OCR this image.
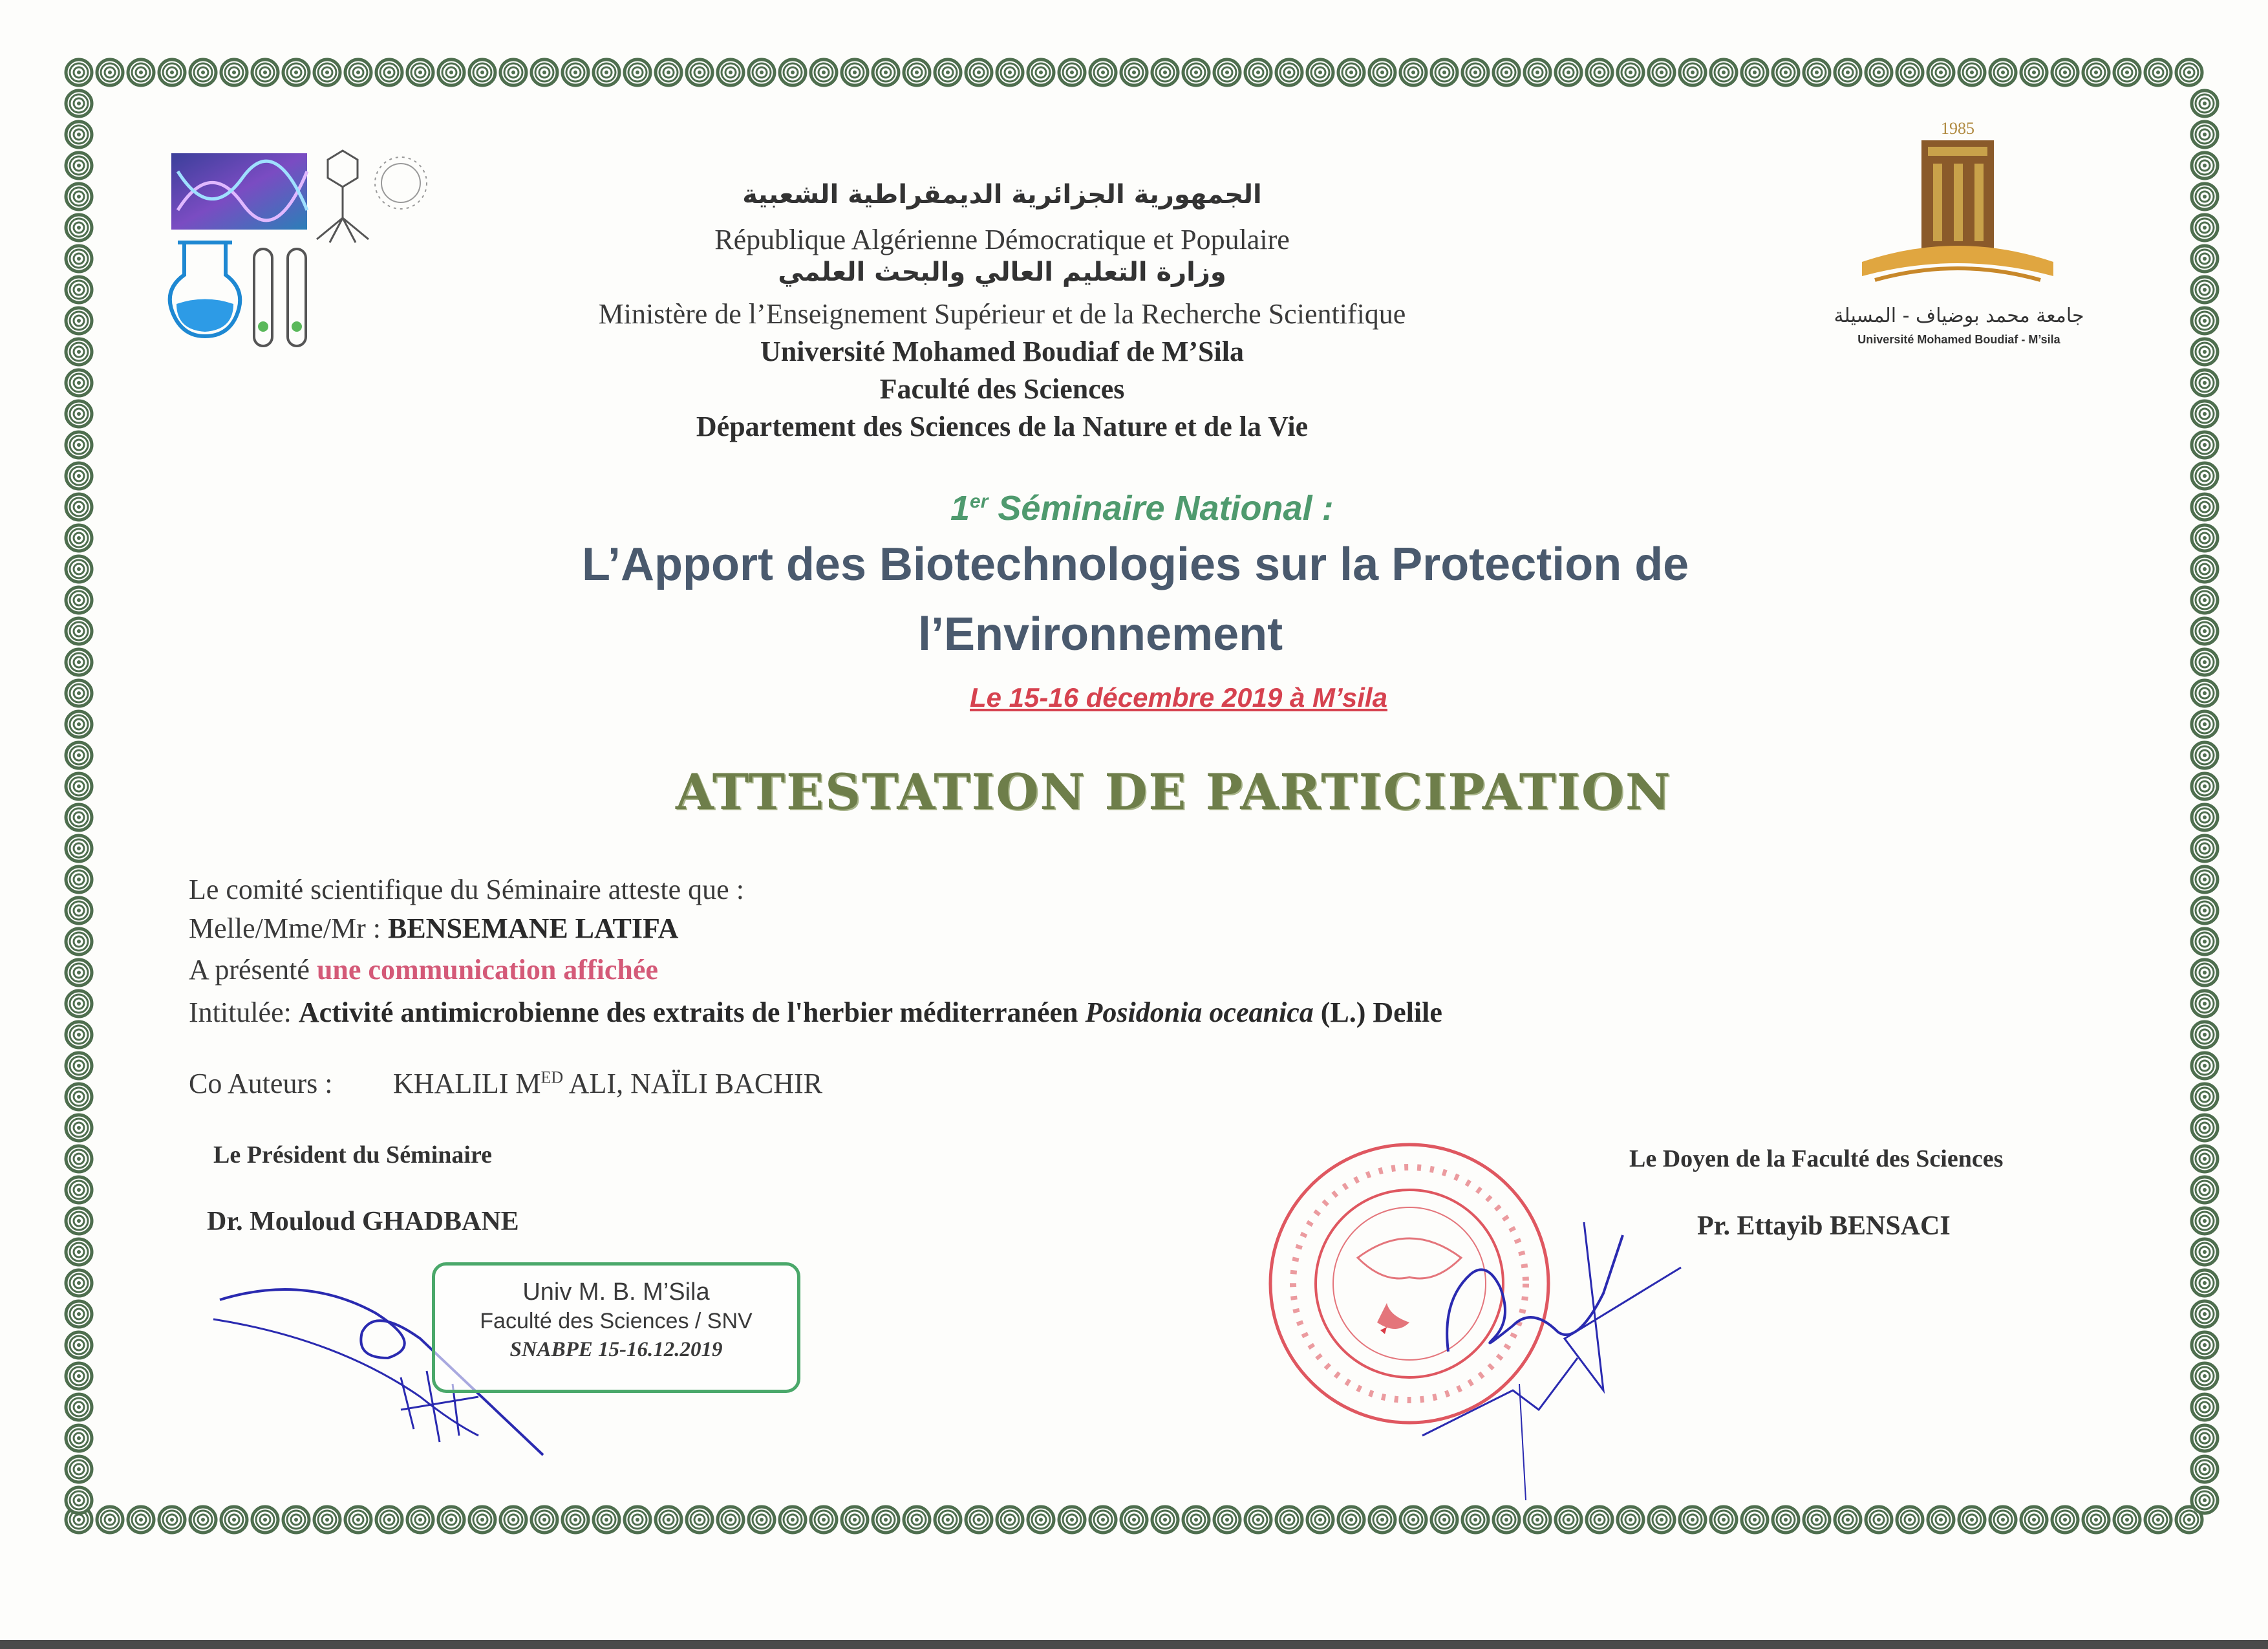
1985
جامعة محمد بوضياف - المسيلة
Université Mohamed Boudiaf - M’sila
الجمهورية الجزائرية الديمقراطية الشعبية
République Algérienne Démocratique et Populaire
وزارة التعليم العالي والبحث العلمي
Ministère de l’Enseignement Supérieur et de la Recherche Scientifique
Université Mohamed Boudiaf de M’Sila
Faculté des Sciences
Département des Sciences de la Nature et de la Vie
1er Séminaire National :
L’Apport des Biotechnologies sur la Protection de
l’Environnement
Le 15-16 décembre 2019 à M’sila
ATTESTATION DE PARTICIPATION
Le comité scientifique du Séminaire atteste que :
Melle/Mme/Mr : BENSEMANE LATIFA
A présenté une communication affichée
Intitulée: Activité antimicrobienne des extraits de l'herbier méditerranéen Posidonia oceanica (L.) Delile
Co Auteurs : KHALILI $M^{ED}$ ALI, NAÏLI BACHIR
Le Président du Séminaire
Dr. Mouloud GHADBANE
Le Doyen de la Faculté des Sciences
Pr. Ettayib BENSACI
Univ M. B. M’Sila
Faculté des Sciences / SNV
SNABPE 15-16.12.2019
